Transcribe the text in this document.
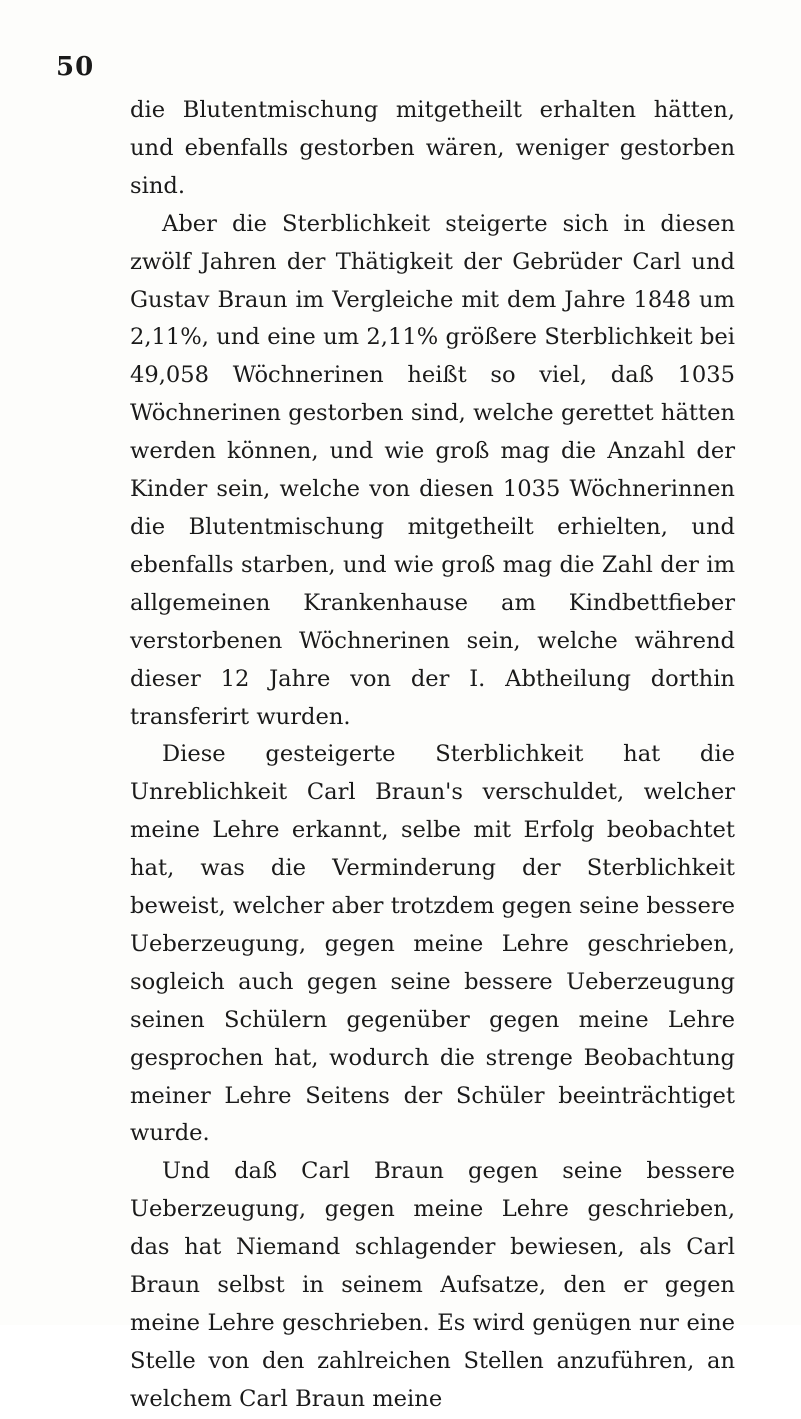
50

die Blutentmischung mitgetheilt erhalten hätten, und ebenfalls gestorben wären, weniger gestorben sind.

Aber die Sterblichkeit steigerte sich in diesen zwölf Jahren der Thätigkeit der Gebrüder Carl und Gustav Braun im Vergleiche mit dem Jahre 1848 um 2,11%, und eine um 2,11% größere Sterblichkeit bei 49,058 Wöchnerinen heißt so viel, daß 1035 Wöchnerinen gestorben sind, welche gerettet hätten werden können, und wie groß mag die Anzahl der Kinder sein, welche von diesen 1035 Wöchnerinnen die Blutentmischung mitgetheilt erhielten, und ebenfalls starben, und wie groß mag die Zahl der im allgemeinen Krankenhause am Kindbettfieber verstorbenen Wöchnerinen sein, welche während dieser 12 Jahre von der I. Abtheilung dorthin transferirt wurden.

Diese gesteigerte Sterblichkeit hat die Unreblichkeit Carl Braun's verschuldet, welcher meine Lehre erkannt, selbe mit Erfolg beobachtet hat, was die Verminderung der Sterblichkeit beweist, welcher aber trotzdem gegen seine bessere Ueberzeugung, gegen meine Lehre geschrieben, sogleich auch gegen seine bessere Ueberzeugung seinen Schülern gegenüber gegen meine Lehre gesprochen hat, wodurch die strenge Beobachtung meiner Lehre Seitens der Schüler beeinträchtiget wurde.

Und daß Carl Braun gegen seine bessere Ueberzeugung, gegen meine Lehre geschrieben, das hat Niemand schlagender bewiesen, als Carl Braun selbst in seinem Aufsatze, den er gegen meine Lehre geschrieben. Es wird genügen nur eine Stelle von den zahlreichen Stellen anzuführen, an welchem Carl Braun meine
